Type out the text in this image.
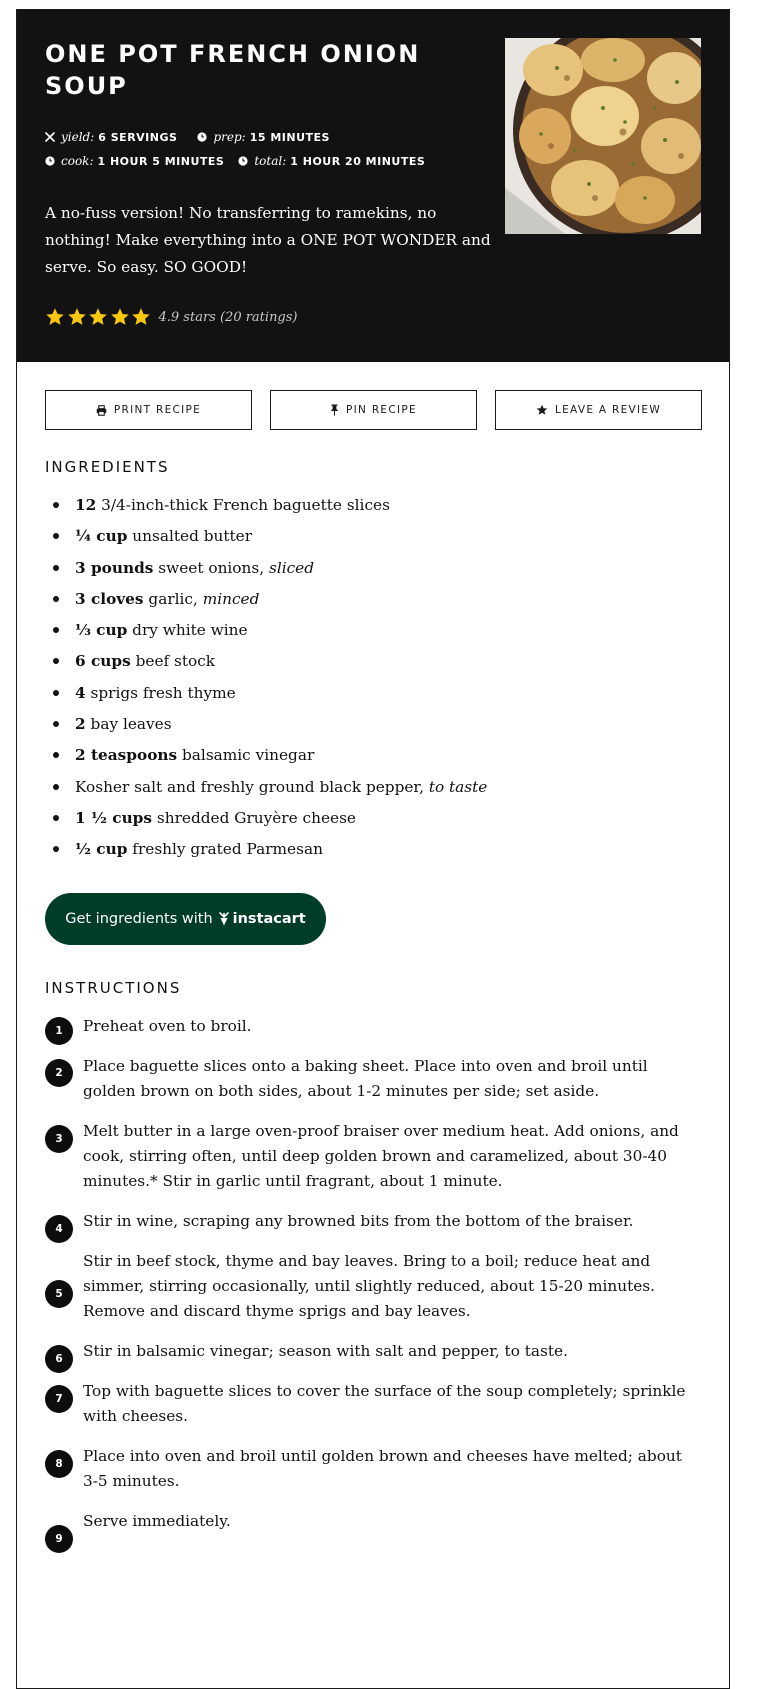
ONE POT FRENCH ONION SOUP
yield:
6 SERVINGS	prep:
15 MINUTES
cook:
1 HOUR 5 MINUTES	total:
1 HOUR 20 MINUTES

A no-fuss version! No transferring to ramekins, no nothing! Make everything into a ONE POT WONDER and serve. So easy. SO GOOD!

4.9 stars (20 ratings)
PRINT RECIPE	PIN RECIPE	LEAVE A REVIEW
INGREDIENTS
12 3/4-inch-thick French baguette slices
¼ cup unsalted butter
3 pounds sweet onions, sliced
3 cloves garlic, minced
⅓ cup dry white wine
6 cups beef stock
4 sprigs fresh thyme
2 bay leaves
2 teaspoons balsamic vinegar
Kosher salt and freshly ground black pepper, to taste
1 ½ cups shredded Gruyère cheese
½ cup freshly grated Parmesan
Get ingredients with instacart
INSTRUCTIONS
1	Preheat oven to broil.
2	Place baguette slices onto a baking sheet. Place into oven and broil until golden brown on both sides, about 1-2 minutes per side; set aside.
3	Melt butter in a large oven-proof braiser over medium heat. Add onions, and cook, stirring often, until deep golden brown and caramelized, about 30-40 minutes.* Stir in garlic until fragrant, about 1 minute.
4	Stir in wine, scraping any browned bits from the bottom of the braiser.
5
Stir in beef stock, thyme and bay leaves. Bring to a boil; reduce heat and simmer, stirring occasionally, until slightly reduced, about 15-20 minutes. Remove and discard thyme sprigs and bay leaves.
6	Stir in balsamic vinegar; season with salt and pepper, to taste.
7	Top with baguette slices to cover the surface of the soup completely; sprinkle with cheeses.
8	Place into oven and broil until golden brown and cheeses have melted; about 3-5 minutes.
9
Serve immediately.
